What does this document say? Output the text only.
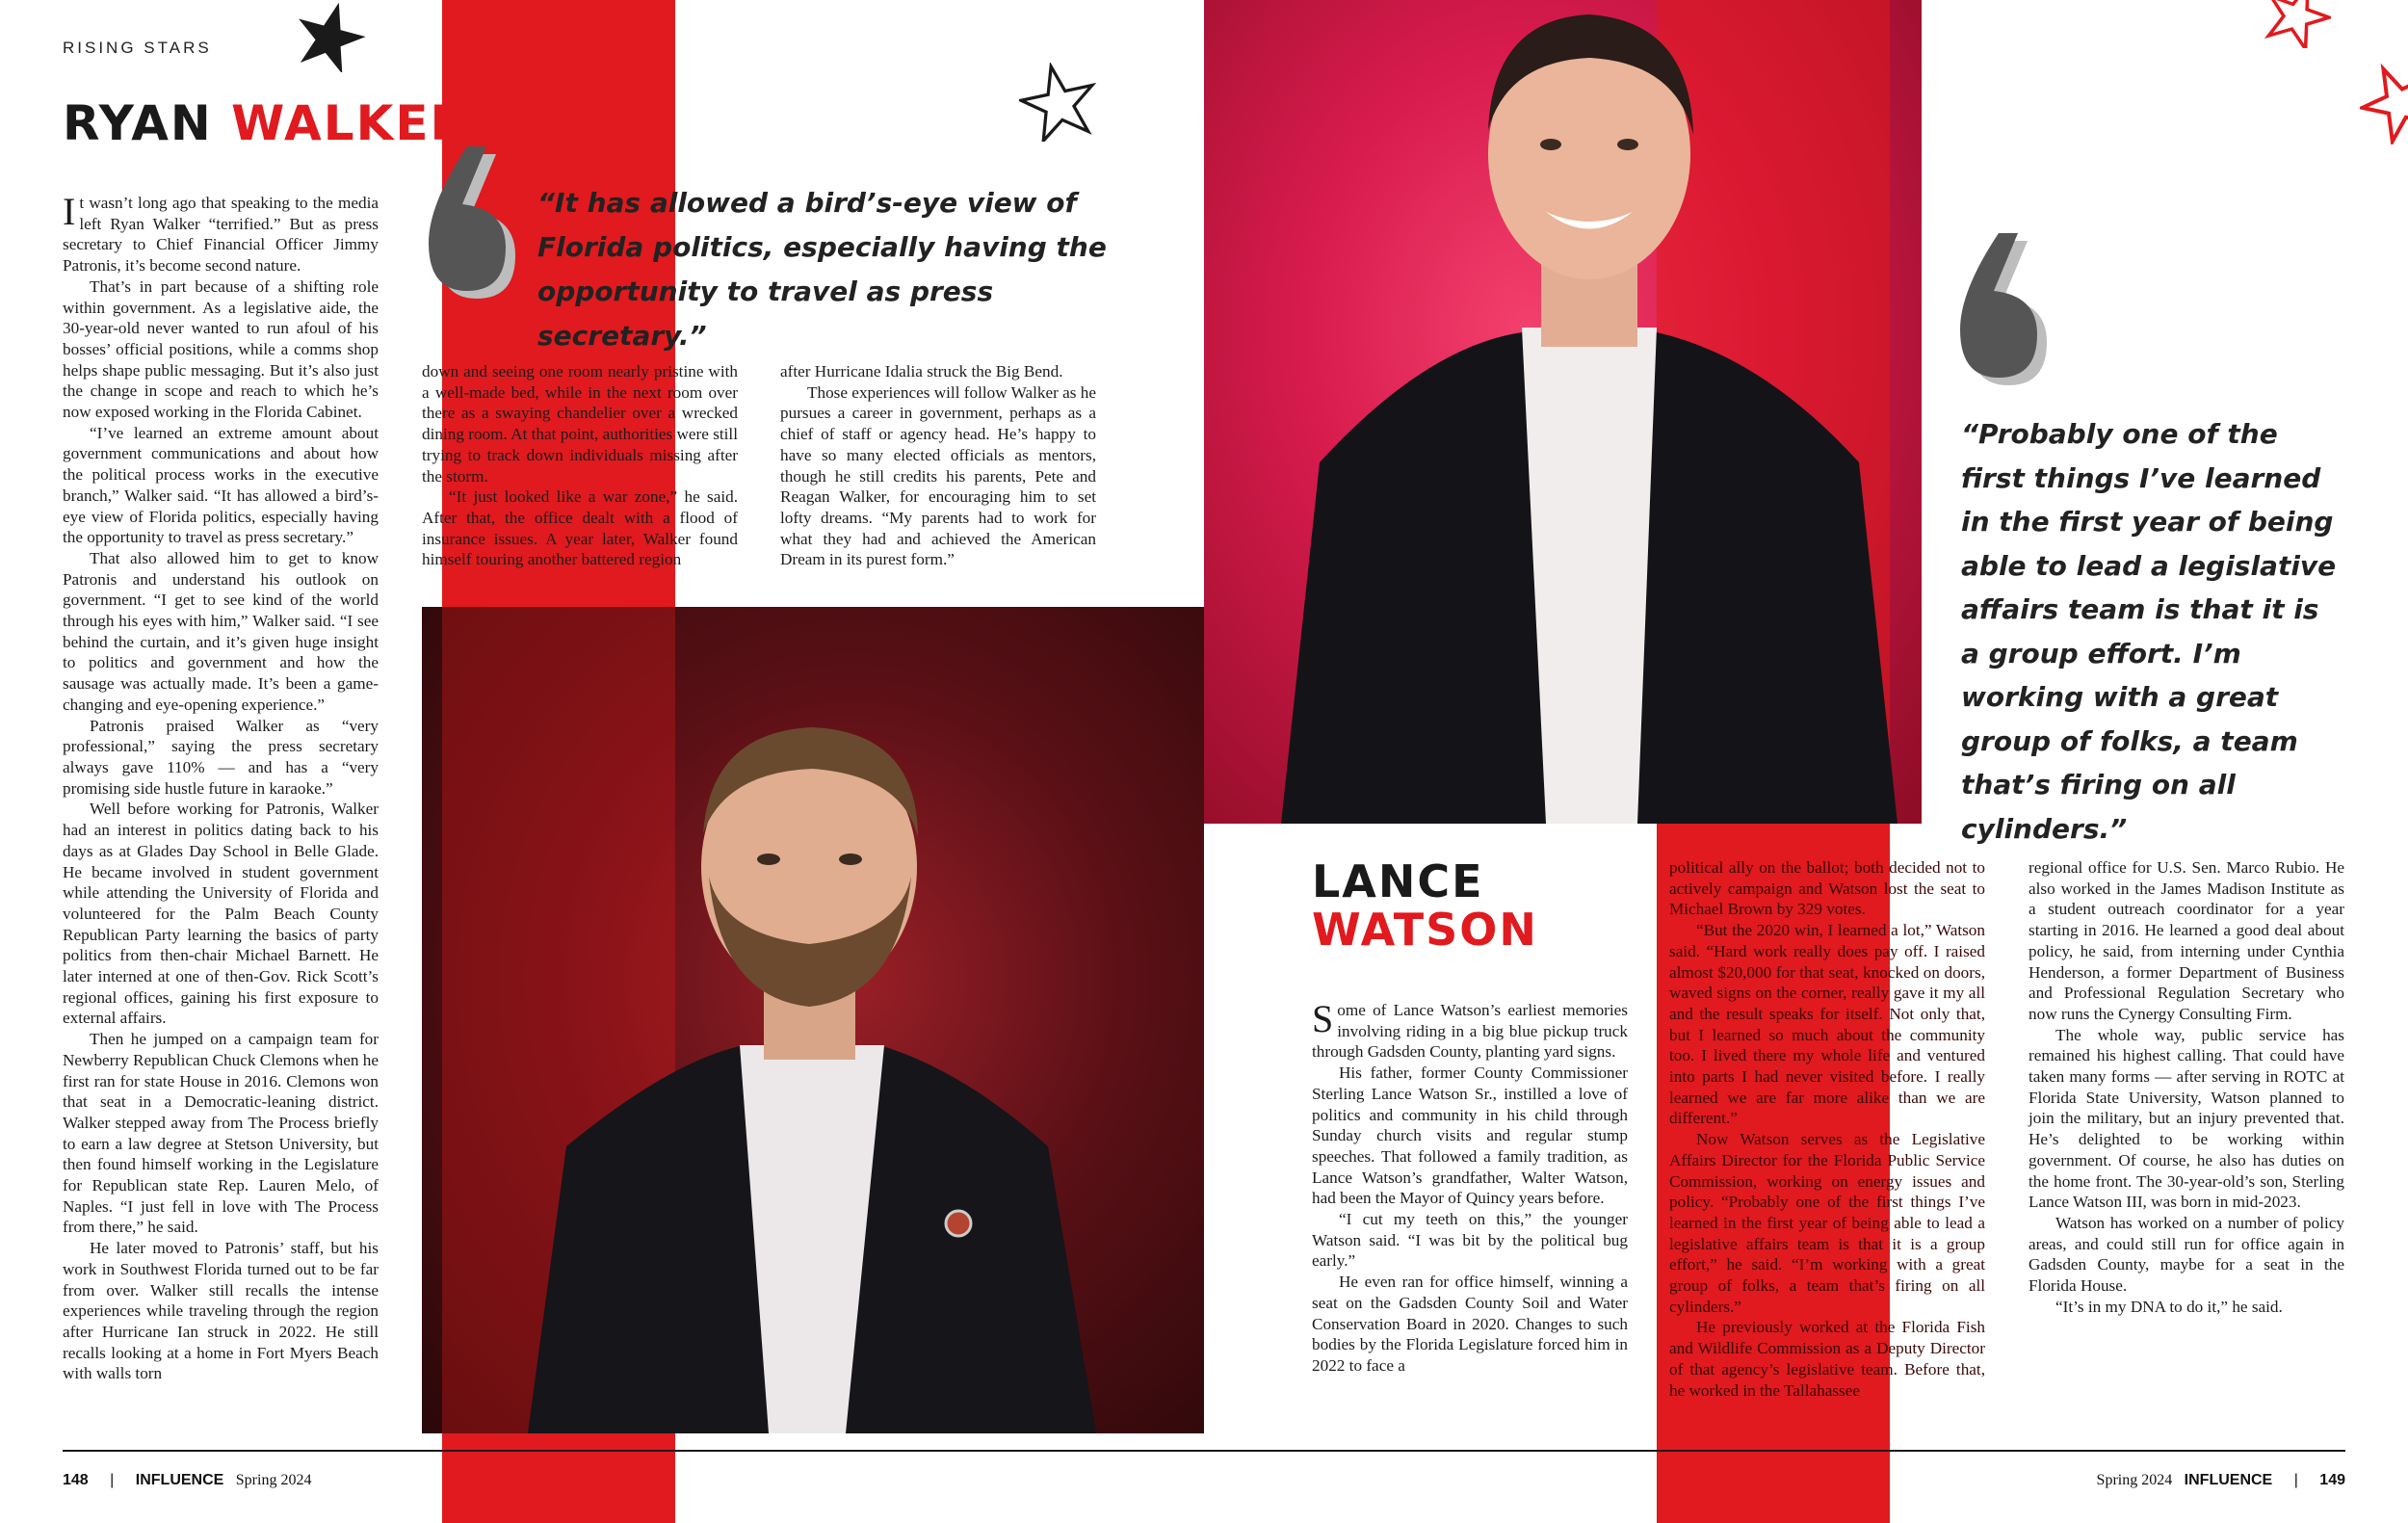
RISING STARS
RYAN WALKER
“It has allowed a bird’s-eye view of Florida politics, especially having the opportunity to travel as press secretary.”

It wasn’t long ago that speaking to the media left Ryan Walker “terrified.” But as press secretary to Chief Financial Officer Jimmy Patronis, it’s become second nature.

That’s in part because of a shifting role within government. As a legislative aide, the 30-year-old never wanted to run afoul of his bosses’ official positions, while a comms shop helps shape public messaging. But it’s also just the change in scope and reach to which he’s now exposed working in the Florida Cabinet.

“I’ve learned an extreme amount about government communications and about how the political process works in the executive branch,” Walker said. “It has allowed a bird’s-eye view of Florida politics, especially having the opportunity to travel as press secretary.”

That also allowed him to get to know Patronis and understand his outlook on government. “I get to see kind of the world through his eyes with him,” Walker said. “I see behind the curtain, and it’s given huge insight to politics and government and how the sausage was actually made. It’s been a game-changing and eye-opening experience.”

Patronis praised Walker as “very professional,” saying the press secretary always gave 110% — and has a “very promising side hustle future in karaoke.”

Well before working for Patronis, Walker had an interest in politics dating back to his days as at Glades Day School in Belle Glade. He became involved in student government while attending the University of Florida and volunteered for the Palm Beach County Republican Party learning the basics of party politics from then-chair Michael Barnett. He later interned at one of then-Gov. Rick Scott’s regional offices, gaining his first exposure to external affairs.

Then he jumped on a campaign team for Newberry Republican Chuck Clemons when he first ran for state House in 2016. Clemons won that seat in a Democratic-leaning district. Walker stepped away from The Process briefly to earn a law degree at Stetson University, but then found himself working in the Legislature for Republican state Rep. Lauren Melo, of Naples. “I just fell in love with The Process from there,” he said.

He later moved to Patronis’ staff, but his work in Southwest Florida turned out to be far from over. Walker still recalls the intense experiences while traveling through the region after Hurricane Ian struck in 2022. He still recalls looking at a home in Fort Myers Beach with walls torn

down and seeing one room nearly pristine with a well-made bed, while in the next room over there as a swaying chandelier over a wrecked dining room. At that point, authorities were still trying to track down individuals missing after the storm.

“It just looked like a war zone,” he said. After that, the office dealt with a flood of insurance issues. A year later, Walker found himself touring another battered region

after Hurricane Idalia struck the Big Bend.

Those experiences will follow Walker as he pursues a career in government, perhaps as a chief of staff or agency head. He’s happy to have so many elected officials as mentors, though he still credits his parents, Pete and Reagan Walker, for encouraging him to set lofty dreams. “My parents had to work for what they had and achieved the American Dream in its purest form.”

“Probably one of the first things I’ve learned in the first year of being able to lead a legislative affairs team is that it is a group effort. I’m working with a great group of folks, a team that’s firing on all cylinders.”
LANCE
WATSON

Some of Lance Watson’s earliest memories involving riding in a big blue pickup truck through Gadsden County, planting yard signs.

His father, former County Commissioner Sterling Lance Watson Sr., instilled a love of politics and community in his child through Sunday church visits and regular stump speeches. That followed a family tradition, as Lance Watson’s grandfather, Walter Watson, had been the Mayor of Quincy years before.

“I cut my teeth on this,” the younger Watson said. “I was bit by the political bug early.”

He even ran for office himself, winning a seat on the Gadsden County Soil and Water Conservation Board in 2020. Changes to such bodies by the Florida Legislature forced him in 2022 to face a

political ally on the ballot; both decided not to actively campaign and Watson lost the seat to Michael Brown by 329 votes.

“But the 2020 win, I learned a lot,” Watson said. “Hard work really does pay off. I raised almost $20,000 for that seat, knocked on doors, waved signs on the corner, really gave it my all and the result speaks for itself. Not only that, but I learned so much about the community too. I lived there my whole life and ventured into parts I had never visited before. I really learned we are far more alike than we are different.”

Now Watson serves as the Legislative Affairs Director for the Florida Public Service Commission, working on energy issues and policy. “Probably one of the first things I’ve learned in the first year of being able to lead a legislative affairs team is that it is a group effort,” he said. “I’m working with a great group of folks, a team that’s firing on all cylinders.”

He previously worked at the Florida Fish and Wildlife Commission as a Deputy Director of that agency’s legislative team. Before that, he worked in the Tallahassee

regional office for U.S. Sen. Marco Rubio. He also worked in the James Madison Institute as a student outreach coordinator for a year starting in 2016. He learned a good deal about policy, he said, from interning under Cynthia Henderson, a former Department of Business and Professional Regulation Secretary who now runs the Cynergy Consulting Firm.

The whole way, public service has remained his highest calling. That could have taken many forms — after serving in ROTC at Florida State University, Watson planned to join the military, but an injury prevented that. He’s delighted to be working within government. Of course, he also has duties on the home front. The 30-year-old’s son, Sterling Lance Watson III, was born in mid-2023.

Watson has worked on a number of policy areas, and could still run for office again in Gadsden County, maybe for a seat in the Florida House.

“It’s in my DNA to do it,” he said.

148 | INFLUENCE Spring 2024	Spring 2024 INFLUENCE | 149
